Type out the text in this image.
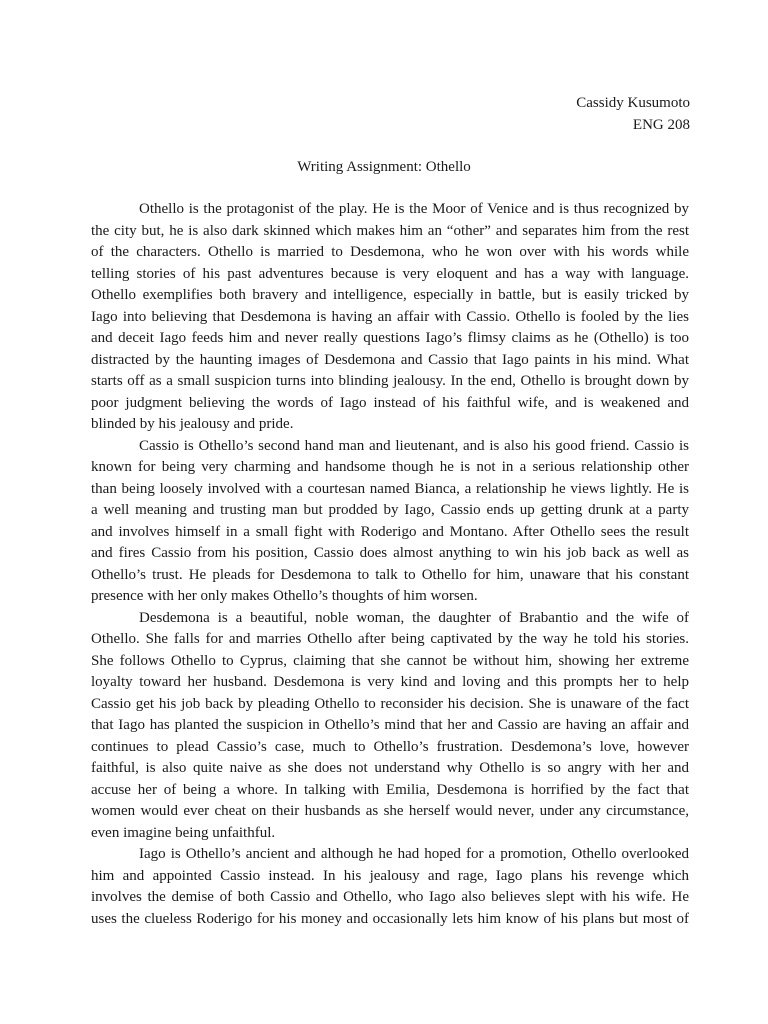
Cassidy Kusumoto
ENG 208
Writing Assignment: Othello
Othello is the protagonist of the play. He is the Moor of Venice and is thus recognized by
the city but, he is also dark skinned which makes him an “other” and separates him from the rest
of the characters. Othello is married to Desdemona, who he won over with his words while
telling stories of his past adventures because is very eloquent and has a way with language.
Othello exemplifies both bravery and intelligence, especially in battle, but is easily tricked by
Iago into believing that Desdemona is having an affair with Cassio. Othello is fooled by the lies
and deceit Iago feeds him and never really questions Iago’s flimsy claims as he (Othello) is too
distracted by the haunting images of Desdemona and Cassio that Iago paints in his mind. What
starts off as a small suspicion turns into blinding jealousy. In the end, Othello is brought down by
poor judgment believing the words of Iago instead of his faithful wife, and is weakened and
blinded by his jealousy and pride.
Cassio is Othello’s second hand man and lieutenant, and is also his good friend. Cassio is
known for being very charming and handsome though he is not in a serious relationship other
than being loosely involved with a courtesan named Bianca, a relationship he views lightly. He is
a well meaning and trusting man but prodded by Iago, Cassio ends up getting drunk at a party
and involves himself in a small fight with Roderigo and Montano. After Othello sees the result
and fires Cassio from his position, Cassio does almost anything to win his job back as well as
Othello’s trust. He pleads for Desdemona to talk to Othello for him, unaware that his constant
presence with her only makes Othello’s thoughts of him worsen.
Desdemona is a beautiful, noble woman, the daughter of Brabantio and the wife of
Othello. She falls for and marries Othello after being captivated by the way he told his stories.
She follows Othello to Cyprus, claiming that she cannot be without him, showing her extreme
loyalty toward her husband. Desdemona is very kind and loving and this prompts her to help
Cassio get his job back by pleading Othello to reconsider his decision. She is unaware of the fact
that Iago has planted the suspicion in Othello’s mind that her and Cassio are having an affair and
continues to plead Cassio’s case, much to Othello’s frustration. Desdemona’s love, however
faithful, is also quite naive as she does not understand why Othello is so angry with her and
accuse her of being a whore. In talking with Emilia, Desdemona is horrified by the fact that
women would ever cheat on their husbands as she herself would never, under any circumstance,
even imagine being unfaithful.
Iago is Othello’s ancient and although he had hoped for a promotion, Othello overlooked
him and appointed Cassio instead. In his jealousy and rage, Iago plans his revenge which
involves the demise of both Cassio and Othello, who Iago also believes slept with his wife. He
uses the clueless Roderigo for his money and occasionally lets him know of his plans but most of
